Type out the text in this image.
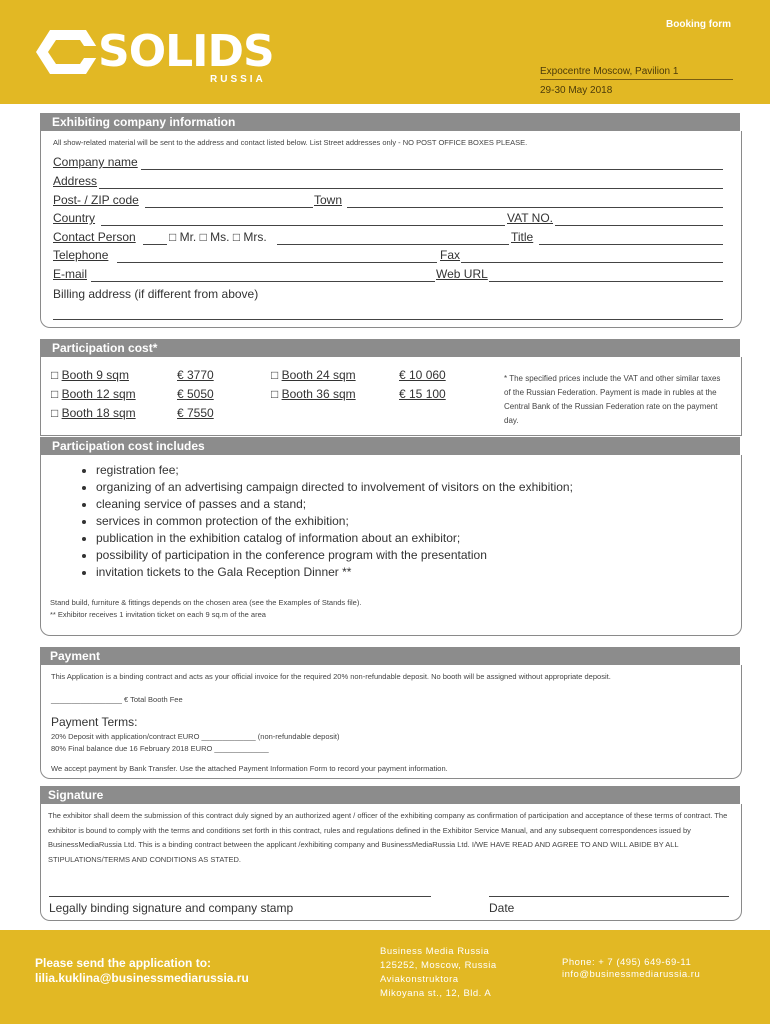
Booking form
SOLIDS
RUSSIA
Expocentre Moscow, Pavilion 1
29-30 May 2018
Exhibiting company information
All show-related material will be sent to the address and contact listed below. List Street addresses only - NO POST OFFICE BOXES PLEASE.
Company name
Address
Post- / ZIP code	Town
Country	VAT NO.
Contact Person	□ Mr. □ Ms. □ Mrs.	Title
Telephone	Fax
E-mail	Web URL
Billing address (if different from above)
Participation cost*
□ Booth 9 sqm	€ 3770
□ Booth 12 sqm	€ 5050
□ Booth 18 sqm	€ 7550
□ Booth 24 sqm	€ 10 060
□ Booth 36 sqm	€ 15 100
* The specified prices include the VAT and other similar taxes of the Russian Federation. Payment is made in rubles at the Central Bank of the Russian Federation rate on the payment day.
Participation cost includes
• registration fee;
• organizing of an advertising campaign directed to involvement of visitors on the exhibition;
• cleaning service of passes and a stand;
• services in common protection of the exhibition;
• publication in the exhibition catalog of information about an exhibitor;
• possibility of participation in the conference program with the presentation
• invitation tickets to the Gala Reception Dinner **
Stand build, furniture & fittings depends on the chosen area (see the Examples of Stands file).
** Exhibitor receives 1 invitation ticket on each 9 sq.m of the area
Payment
This Application is a binding contract and acts as your official invoice for the required 20% non-refundable deposit. No booth will be assigned without appropriate deposit.
_________________ € Total Booth Fee
Payment Terms:
20% Deposit with application/contract EURO _____________ (non-refundable deposit)
80% Final balance due 16 February 2018 EURO _____________
We accept payment by Bank Transfer. Use the attached Payment Information Form to record your payment information.
Signature
The exhibitor shall deem the submission of this contract duly signed by an authorized agent / officer of the exhibiting company as confirmation of participation and acceptance of these terms of contract. The exhibitor is bound to comply with the terms and conditions set forth in this contract, rules and regulations defined in the Exhibitor Service Manual, and any subsequent correspondences issued by BusinessMediaRussia Ltd. This is a binding contract between the applicant /exhibiting company and BusinessMediaRussia Ltd. I/WE HAVE READ AND AGREE TO AND WILL ABIDE BY ALL STIPULATIONS/TERMS AND CONDITIONS AS STATED.
Legally binding signature and company stamp	Date
Please send the application to:
lilia.kuklina@businessmediarussia.ru
Business Media Russia
125252, Moscow, Russia
Aviakonstruktora
Mikoyana st., 12, Bld. A
Phone: + 7 (495) 649-69-11
info@businessmediarussia.ru
